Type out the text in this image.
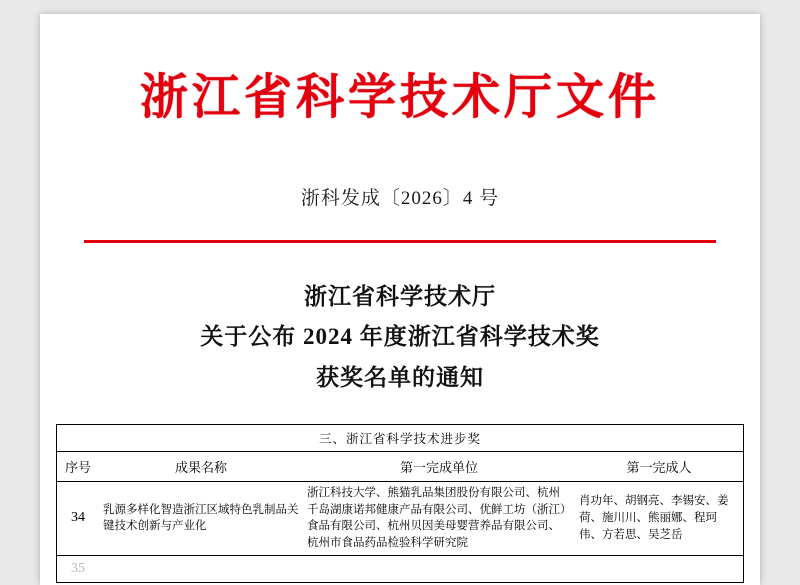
浙江省科学技术厅文件
浙科发成〔2026〕4 号
浙江省科学技术厅
关于公布 2024 年度浙江省科学技术奖
获奖名单的通知
三、浙江省科学技术进步奖			
序号	成果名称	第一完成单位	第一完成人
34	乳源多样化智造浙江区域特色乳制品关键技术创新与产业化	浙江科技大学、熊猫乳品集团股份有限公司、杭州千岛湖康诺邦健康产品有限公司、优鲜工坊（浙江）食品有限公司、杭州贝因美母婴营养品有限公司、杭州市食品药品检验科学研究院	肖功年、胡钢亮、李锡安、姜荷、施川川、熊丽娜、程珂伟、方若思、吴芝岳
35			
